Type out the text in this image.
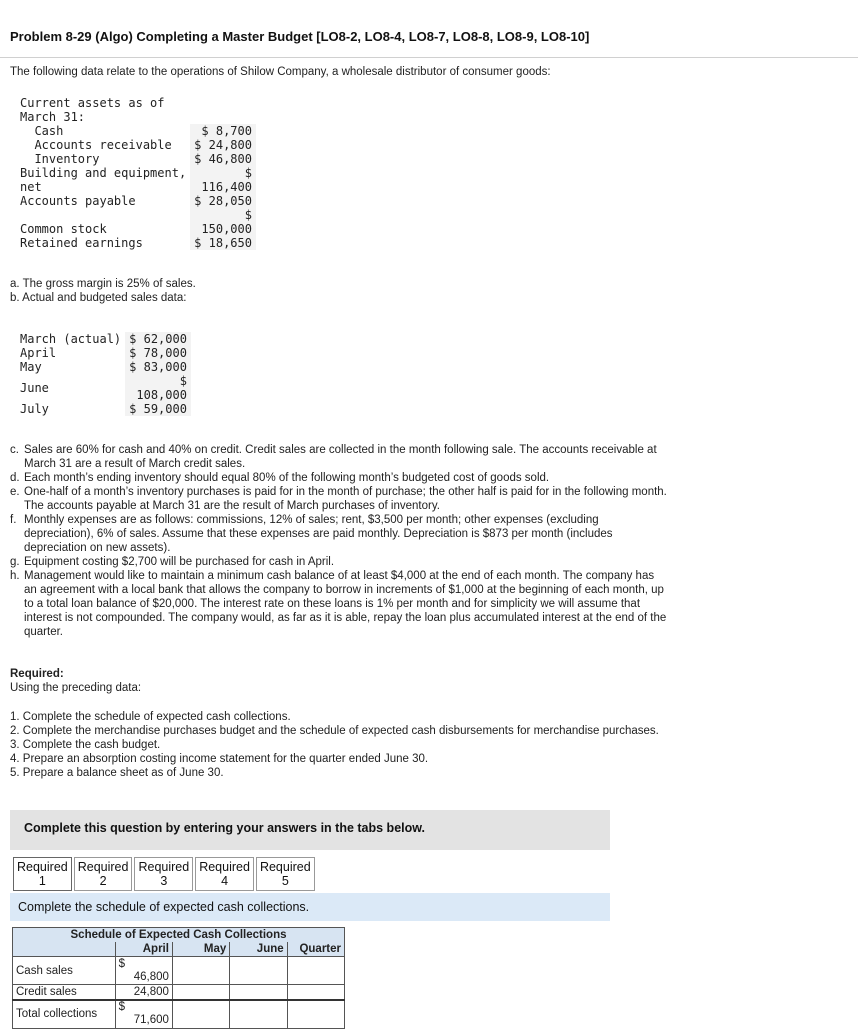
Problem 8-29 (Algo) Completing a Master Budget [LO8-2, LO8-4, LO8-7, LO8-8, LO8-9, LO8-10]
The following data relate to the operations of Shilow Company, a wholesale distributor of consumer goods:
Current assets as of
March 31:
Cash	$ 8,700
Accounts receivable	$ 24,800
Inventory	$ 46,800
Building and equipment,	$
net	116,400
Accounts payable	$ 28,050
	$
Common stock	150,000
Retained earnings	$ 18,650
a. The gross margin is 25% of sales.
b. Actual and budgeted sales data:
March (actual)	$ 62,000
April	$ 78,000
May	$ 83,000
June	$
108,000

July	$ 59,000
c. Sales are 60% for cash and 40% on credit. Credit sales are collected in the month following sale. The accounts receivable at March 31 are a result of March credit sales.
d. Each month’s ending inventory should equal 80% of the following month’s budgeted cost of goods sold.
e. One-half of a month’s inventory purchases is paid for in the month of purchase; the other half is paid for in the following month. The accounts payable at March 31 are the result of March purchases of inventory.
f. Monthly expenses are as follows: commissions, 12% of sales; rent, $3,500 per month; other expenses (excluding depreciation), 6% of sales. Assume that these expenses are paid monthly. Depreciation is $873 per month (includes depreciation on new assets).
g. Equipment costing $2,700 will be purchased for cash in April.
h. Management would like to maintain a minimum cash balance of at least $4,000 at the end of each month. The company has an agreement with a local bank that allows the company to borrow in increments of $1,000 at the beginning of each month, up to a total loan balance of $20,000. The interest rate on these loans is 1% per month and for simplicity we will assume that interest is not compounded. The company would, as far as it is able, repay the loan plus accumulated interest at the end of the quarter.
Required:
Using the preceding data:
1. Complete the schedule of expected cash collections.
2. Complete the merchandise purchases budget and the schedule of expected cash disbursements for merchandise purchases.
3. Complete the cash budget.
4. Prepare an absorption costing income statement for the quarter ended June 30.
5. Prepare a balance sheet as of June 30.
Complete this question by entering your answers in the tabs below.
Required
1
Required
2
Required
3
Required
4
Required
5
Complete the schedule of expected cash collections.
Schedule of Expected Cash Collections				
	April	May	June	Quarter
Cash sales	$
46,800			

Credit sales	24,800			
Total collections	$
71,600			
